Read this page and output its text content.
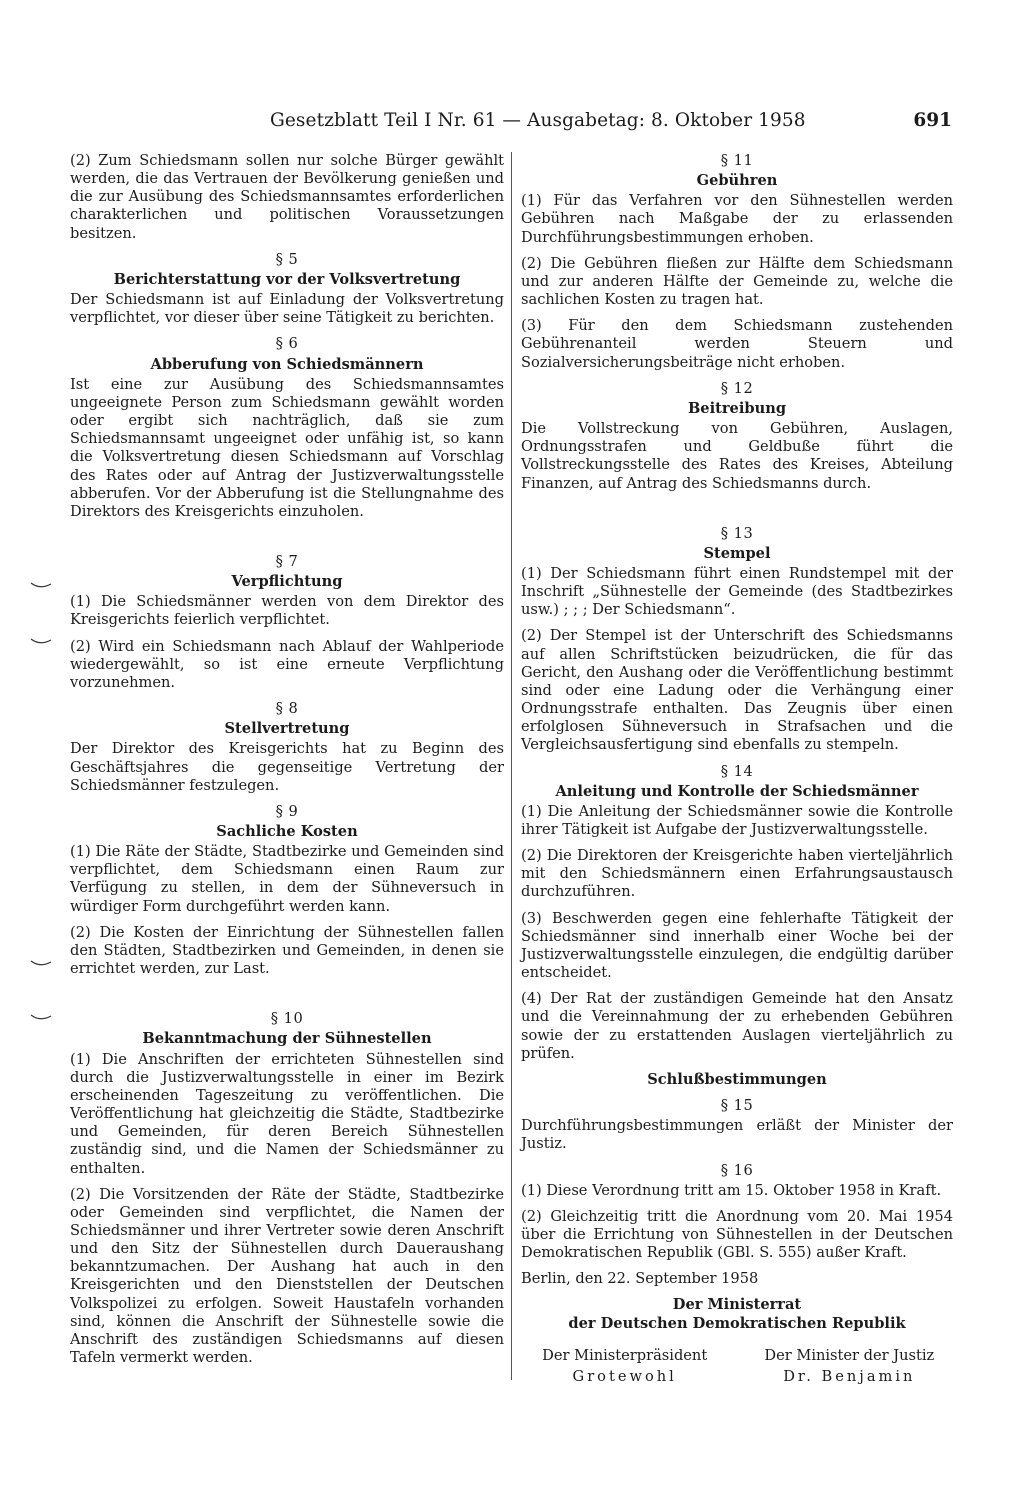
Gesetzblatt Teil I Nr. 61 — Ausgabetag: 8. Oktober 1958	691

(2) Zum Schiedsmann sollen nur solche Bürger gewählt werden, die das Vertrauen der Bevölkerung genießen und die zur Ausübung des Schiedsmannsamtes erforderlichen charakterlichen und politischen Voraussetzungen besitzen.

§ 5
Berichterstattung vor der Volksvertretung

Der Schiedsmann ist auf Einladung der Volksvertretung verpflichtet, vor dieser über seine Tätigkeit zu berichten.

§ 6
Abberufung von Schiedsmännern

Ist eine zur Ausübung des Schiedsmannsamtes ungeeignete Person zum Schiedsmann gewählt worden oder ergibt sich nachträglich, daß sie zum Schiedsmannsamt ungeeignet oder unfähig ist, so kann die Volksvertretung diesen Schiedsmann auf Vorschlag des Rates oder auf Antrag der Justizverwaltungsstelle abberufen. Vor der Abberufung ist die Stellungnahme des Direktors des Kreisgerichts einzuholen.

§ 7
Verpflichtung

(1) Die Schiedsmänner werden von dem Direktor des Kreisgerichts feierlich verpflichtet.

(2) Wird ein Schiedsmann nach Ablauf der Wahlperiode wiedergewählt, so ist eine erneute Verpflichtung vorzunehmen.

§ 8
Stellvertretung

Der Direktor des Kreisgerichts hat zu Beginn des Geschäftsjahres die gegenseitige Vertretung der Schiedsmänner festzulegen.

§ 9
Sachliche Kosten

(1) Die Räte der Städte, Stadtbezirke und Gemeinden sind verpflichtet, dem Schiedsmann einen Raum zur Verfügung zu stellen, in dem der Sühneversuch in würdiger Form durchgeführt werden kann.

(2) Die Kosten der Einrichtung der Sühnestellen fallen den Städten, Stadtbezirken und Gemeinden, in denen sie errichtet werden, zur Last.

§ 10
Bekanntmachung der Sühnestellen

(1) Die Anschriften der errichteten Sühnestellen sind durch die Justizverwaltungsstelle in einer im Bezirk erscheinenden Tageszeitung zu veröffentlichen. Die Veröffentlichung hat gleichzeitig die Städte, Stadtbezirke und Gemeinden, für deren Bereich Sühnestellen zuständig sind, und die Namen der Schiedsmänner zu enthalten.

(2) Die Vorsitzenden der Räte der Städte, Stadtbezirke oder Gemeinden sind verpflichtet, die Namen der Schiedsmänner und ihrer Vertreter sowie deren Anschrift und den Sitz der Sühnestellen durch Daueraushang bekanntzumachen. Der Aushang hat auch in den Kreisgerichten und den Dienststellen der Deutschen Volkspolizei zu erfolgen. Soweit Haustafeln vorhanden sind, können die Anschrift der Sühnestelle sowie die Anschrift des zuständigen Schiedsmanns auf diesen Tafeln vermerkt werden.

§ 11
Gebühren

(1) Für das Verfahren vor den Sühnestellen werden Gebühren nach Maßgabe der zu erlassenden Durchführungsbestimmungen erhoben.

(2) Die Gebühren fließen zur Hälfte dem Schiedsmann und zur anderen Hälfte der Gemeinde zu, welche die sachlichen Kosten zu tragen hat.

(3) Für den dem Schiedsmann zustehenden Gebührenanteil werden Steuern und Sozialversicherungsbeiträge nicht erhoben.

§ 12
Beitreibung

Die Vollstreckung von Gebühren, Auslagen, Ordnungsstrafen und Geldbuße führt die Vollstreckungsstelle des Rates des Kreises, Abteilung Finanzen, auf Antrag des Schiedsmanns durch.

§ 13
Stempel

(1) Der Schiedsmann führt einen Rundstempel mit der Inschrift „Sühnestelle der Gemeinde (des Stadtbezirkes usw.) ; ; ; Der Schiedsmann“.

(2) Der Stempel ist der Unterschrift des Schiedsmanns auf allen Schriftstücken beizudrücken, die für das Gericht, den Aushang oder die Veröffentlichung bestimmt sind oder eine Ladung oder die Verhängung einer Ordnungsstrafe enthalten. Das Zeugnis über einen erfolglosen Sühneversuch in Strafsachen und die Vergleichsausfertigung sind ebenfalls zu stempeln.

§ 14
Anleitung und Kontrolle der Schiedsmänner

(1) Die Anleitung der Schiedsmänner sowie die Kontrolle ihrer Tätigkeit ist Aufgabe der Justizverwaltungsstelle.

(2) Die Direktoren der Kreisgerichte haben vierteljährlich mit den Schiedsmännern einen Erfahrungsaustausch durchzuführen.

(3) Beschwerden gegen eine fehlerhafte Tätigkeit der Schiedsmänner sind innerhalb einer Woche bei der Justizverwaltungsstelle einzulegen, die endgültig darüber entscheidet.

(4) Der Rat der zuständigen Gemeinde hat den Ansatz und die Vereinnahmung der zu erhebenden Gebühren sowie der zu erstattenden Auslagen vierteljährlich zu prüfen.

Schlußbestimmungen
§ 15

Durchführungsbestimmungen erläßt der Minister der Justiz.

§ 16

(1) Diese Verordnung tritt am 15. Oktober 1958 in Kraft.

(2) Gleichzeitig tritt die Anordnung vom 20. Mai 1954 über die Errichtung von Sühnestellen in der Deutschen Demokratischen Republik (GBl. S. 555) außer Kraft.

Berlin, den 22. September 1958

Der Ministerrat
der Deutschen Demokratischen Republik
Der Ministerpräsident
Grotewohl
Der Minister der Justiz
Dr. Benjamin
